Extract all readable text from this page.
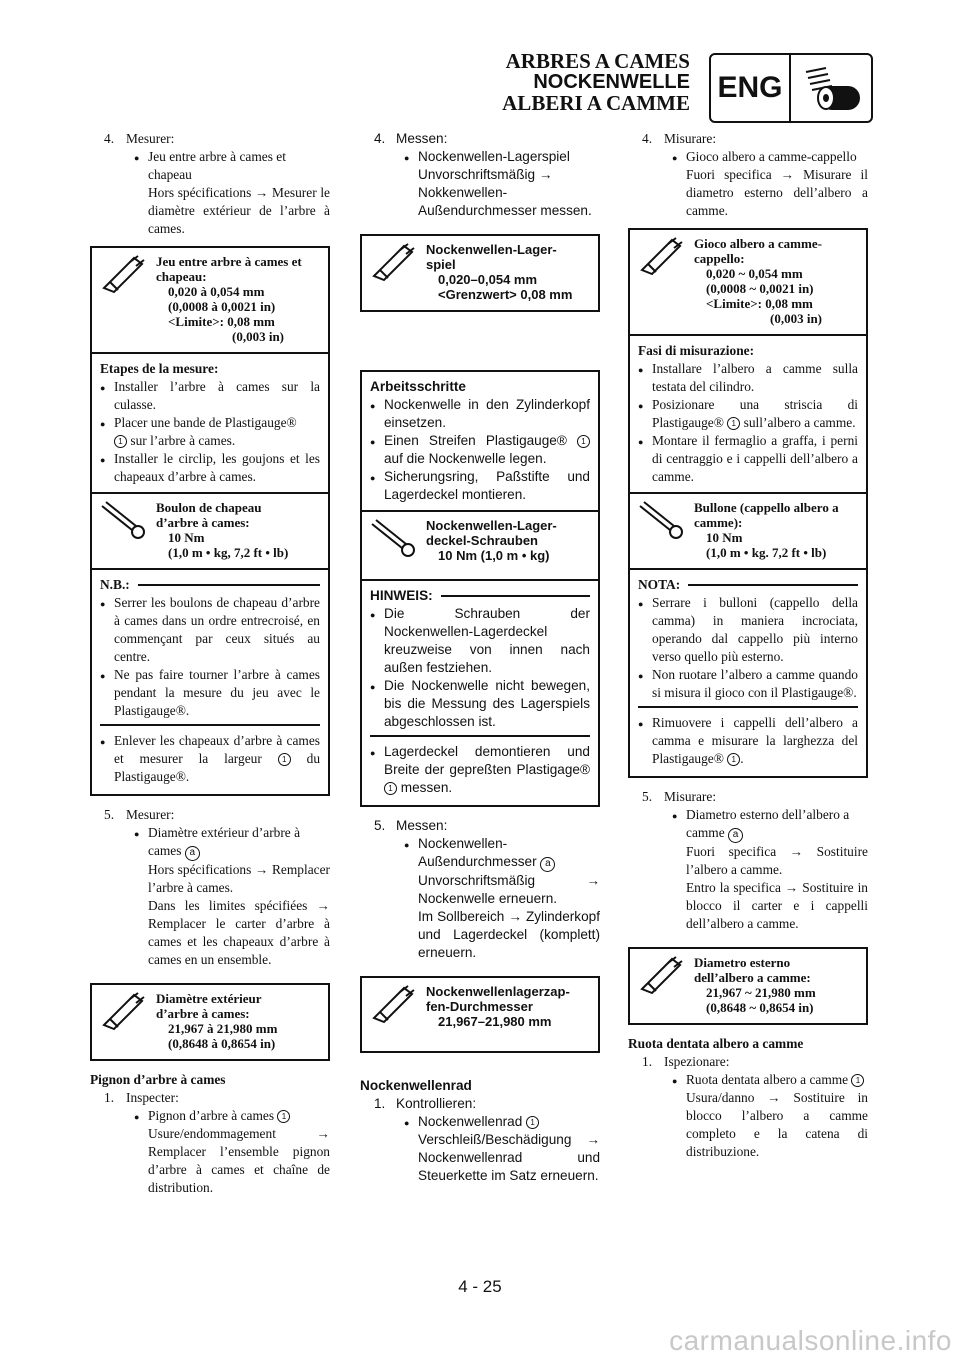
ARBRES A CAMES
NOCKENWELLE
ALBERI A CAMME ENG
4. Mesurer:
● Jeu entre arbre à cames et chapeau
Hors spécifications → Mesurer le diamètre extérieur de l’arbre à cames.
Jeu entre arbre à cames et
chapeau:
0,020 à 0,054 mm
(0,0008 à 0,0021 in)
<Limite>: 0,08 mm
(0,003 in)
Etapes de la mesure:
● Installer l’arbre à cames sur la culasse.
● Placer une bande de Plastigauge®
1 sur l’arbre à cames.
● Installer le circlip, les goujons et les chapeaux d’arbre à cames.
Boulon de chapeau
d’arbre à cames:
10 Nm
(1,0 m • kg, 7,2 ft • lb)
N.B.:
● Serrer les boulons de chapeau d’arbre à cames dans un ordre entrecroisé, en commençant par ceux situés au centre.
● Ne pas faire tourner l’arbre à cames pendant la mesure du jeu avec le Plastigauge®.
● Enlever les chapeaux d’arbre à cames et mesurer la largeur	1 du Plastigauge®.
5. Mesurer:
● Diamètre extérieur d’arbre à cames a
Hors spécifications → Remplacer l’arbre à cames.
Dans les limites spécifiées → Remplacer le carter d’arbre à cames et les chapeaux d’arbre à cames en un ensemble.
Diamètre extérieur
d’arbre à cames:
21,967 à 21,980 mm
(0,8648 à 0,8654 in)
Pignon d’arbre à cames
1. Inspecter:
● Pignon d’arbre à cames 1
Usure/endommagement → Remplacer l’ensemble pignon d’arbre à cames et chaîne de distribution.
4. Messen:
● Nockenwellen-Lagerspiel Unvorschriftsmäßig → Nokkenwellen-Außendurchmesser messen.
Nockenwellen-Lager-
spiel
0,020–0,054 mm
<Grenzwert> 0,08 mm
Arbeitsschritte
● Nockenwelle in den Zylinderkopf einsetzen.
● Einen Streifen Plastigauge® 1 auf die Nockenwelle legen.
● Sicherungsring, Paßstifte und Lagerdeckel montieren.
Nockenwellen-Lager-
deckel-Schrauben
10 Nm (1,0 m • kg)
HINWEIS:
● Die Schrauben der Nockenwellen-Lagerdeckel kreuzweise von innen nach außen festziehen.
● Die Nockenwelle nicht bewegen, bis die Messung des Lagerspiels abgeschlossen ist.
● Lagerdeckel demontieren und Breite der gepreßten Plastigage® 1 messen.
5. Messen:
● Nockenwellen-Außendurchmesser a
Unvorschriftsmäßig → Nockenwelle erneuern.
Im Sollbereich → Zylinderkopf und Lagerdeckel (komplett) erneuern.
Nockenwellenlagerzap-
fen-Durchmesser
21,967–21,980 mm
Nockenwellenrad
1. Kontrollieren:
● Nockenwellenrad 1
Verschleiß/Beschädigung → Nockenwellenrad und Steuerkette im Satz erneuern.
4. Misurare:
● Gioco albero a camme-cappello
Fuori specifica → Misurare il diametro esterno dell’albero a camme.
Gioco albero a camme-
cappello:
0,020 ~ 0,054 mm
(0,0008 ~ 0,0021 in)
<Limite>: 0,08 mm
(0,003 in)
Fasi di misurazione:
● Installare l’albero a camme sulla testata del cilindro.
● Posizionare una striscia di Plastigauge® 1 sull’albero a camme.
● Montare il fermaglio a graffa, i perni di centraggio e i cappelli dell’albero a camme.
Bullone (cappello albero a
camme):
10 Nm
(1,0 m • kg. 7,2 ft • lb)
NOTA:
● Serrare i bulloni (cappello della camma) in maniera incrociata, operando dal cappello più interno verso quello più esterno.
● Non ruotare l’albero a camme quando si misura il gioco con il Plastigauge®.
● Rimuovere i cappelli dell’albero a camma e misurare la larghezza del Plastigauge® 1 .
5. Misurare:
● Diametro esterno dell’albero a camme a
Fuori specifica → Sostituire l’albero a camme.
Entro la specifica → Sostituire in blocco il carter e i cappelli dell’albero a camme.
Diametro esterno
dell’albero a camme:
21,967 ~ 21,980 mm
(0,8648 ~ 0,8654 in)
Ruota dentata albero a camme
1. Ispezionare:
● Ruota dentata albero a camme 1
Usura/danno → Sostituire in blocco l’albero a camme completo e la catena di distribuzione.
4 - 25
carmanualsonline.info
